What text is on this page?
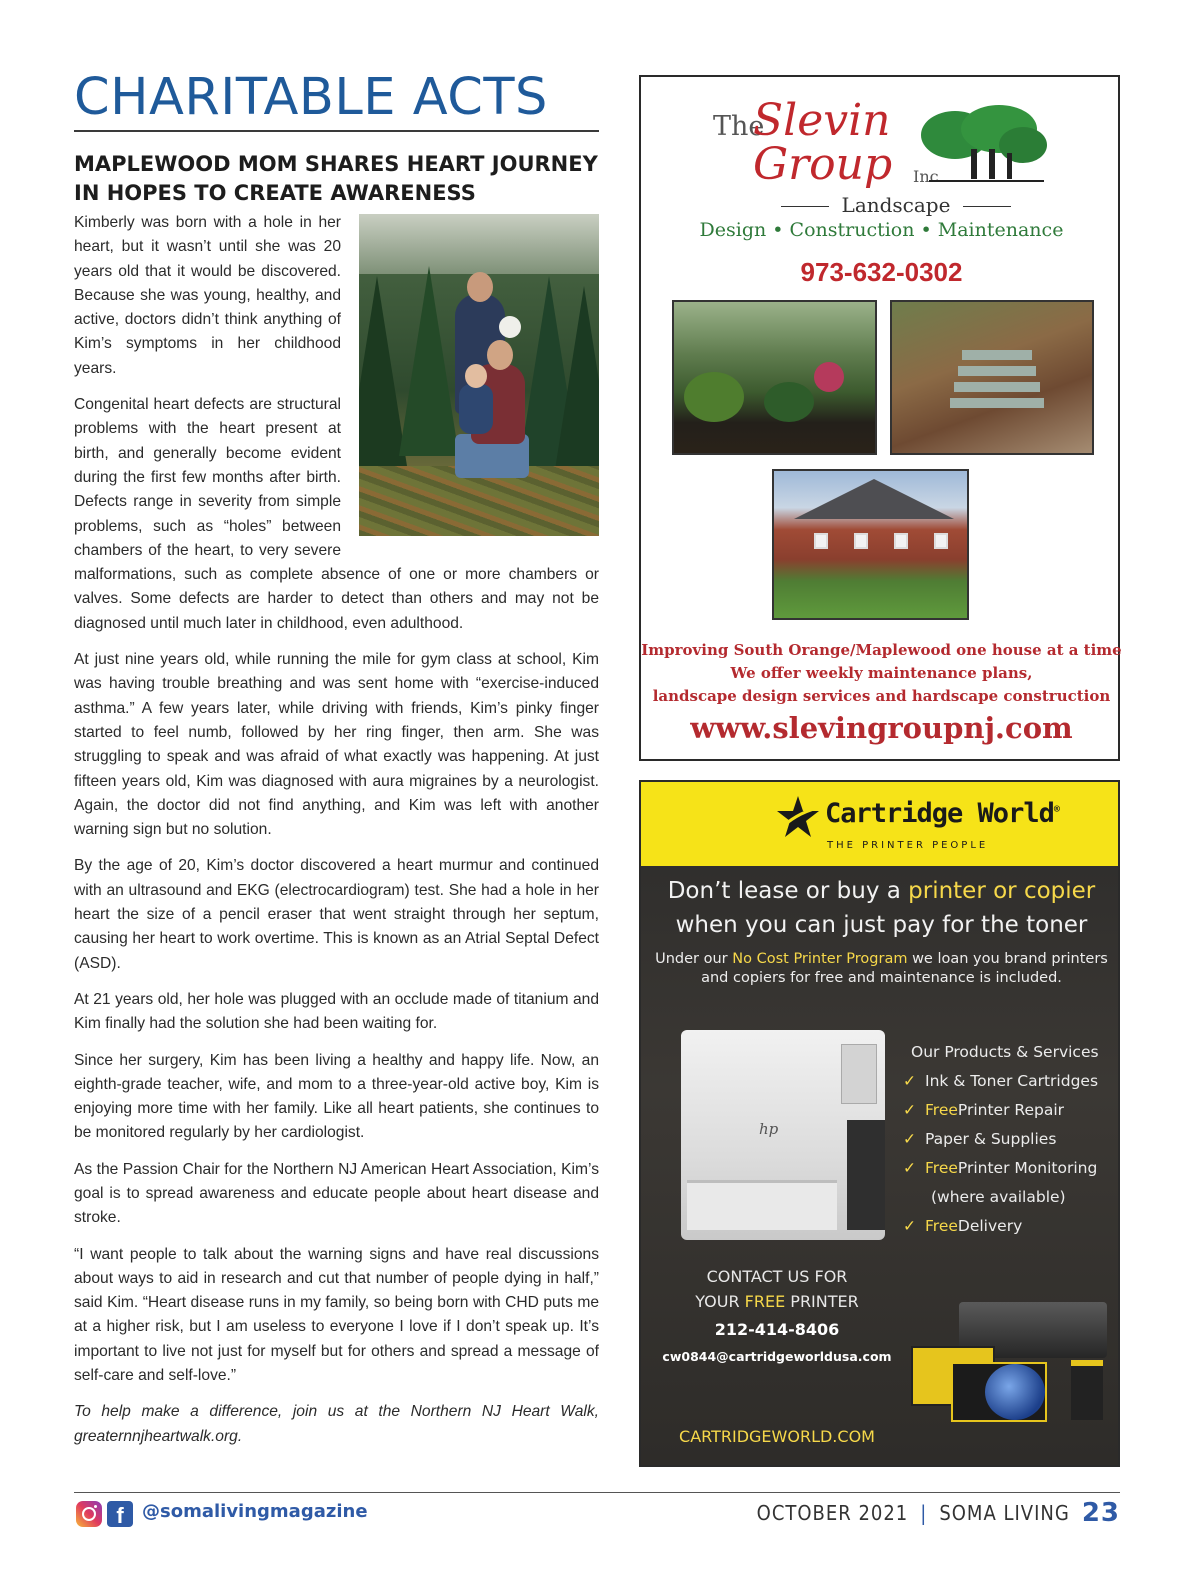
CHARITABLE ACTS
MAPLEWOOD MOM SHARES HEART JOURNEY IN HOPES TO CREATE AWARENESS

Kimberly was born with a hole in her heart, but it wasn’t until she was 20 years old that it would be discovered. Because she was young, healthy, and active, doctors didn’t think anything of Kim’s symptoms in her childhood years.

Congenital heart defects are structural problems with the heart present at birth, and generally become evident during the first few months after birth. Defects range in severity from simple problems, such as “holes” between chambers of the heart, to very severe malformations, such as complete absence of one or more chambers or valves. Some defects are harder to detect than others and may not be diagnosed until much later in childhood, even adulthood.

At just nine years old, while running the mile for gym class at school, Kim was having trouble breathing and was sent home with “exercise-induced asthma.” A few years later, while driving with friends, Kim’s pinky finger started to feel numb, followed by her ring finger, then arm. She was struggling to speak and was afraid of what exactly was happening. At just fifteen years old, Kim was diagnosed with aura migraines by a neurologist. Again, the doctor did not find anything, and Kim was left with another warning sign but no solution.

By the age of 20, Kim’s doctor discovered a heart murmur and continued with an ultrasound and EKG (electrocardiogram) test. She had a hole in her heart the size of a pencil eraser that went straight through her septum, causing her heart to work overtime. This is known as an Atrial Septal Defect (ASD).

At 21 years old, her hole was plugged with an occlude made of titanium and Kim finally had the solution she had been waiting for.

Since her surgery, Kim has been living a healthy and happy life. Now, an eighth-grade teacher, wife, and mom to a three-year-old active boy, Kim is enjoying more time with her family. Like all heart patients, she continues to be monitored regularly by her cardiologist.

As the Passion Chair for the Northern NJ American Heart Association, Kim’s goal is to spread awareness and educate people about heart disease and stroke.

“I want people to talk about the warning signs and have real discussions about ways to aid in research and cut that number of people dying in half,” said Kim. “Heart disease runs in my family, so being born with CHD puts me at a higher risk, but I am useless to everyone I love if I don’t speak up. It’s important to live not just for myself but for others and spread a message of self-care and self-love.”

To help make a difference, join us at the Northern NJ Heart Walk, greaternnjheartwalk.org.

The
Slevin
Group Inc
Landscape
Design • Construction • Maintenance
973-632-0302
Improving South Orange/Maplewood one house at a time
We offer weekly maintenance plans,
landscape design services and hardscape construction
www.slevingroupnj.com
Cartridge World®
THE PRINTER PEOPLE
Don’t lease or buy a printer or copier
when you can just pay for the toner
Under our No Cost Printer Program we loan you brand printers and copiers for free and maintenance is included.
hp
Our Products & Services
✓ Ink & Toner Cartridges
✓ Free Printer Repair
✓ Paper & Supplies
✓ Free Printer Monitoring
(where available)
✓ Free Delivery
CONTACT US FOR
YOUR FREE PRINTER
212-414-8406
cw0844@cartridgeworldusa.com
CARTRIDGEWORLD.COM
f	@somalivingmagazine	OCTOBER 2021 | SOMA LIVING 23
